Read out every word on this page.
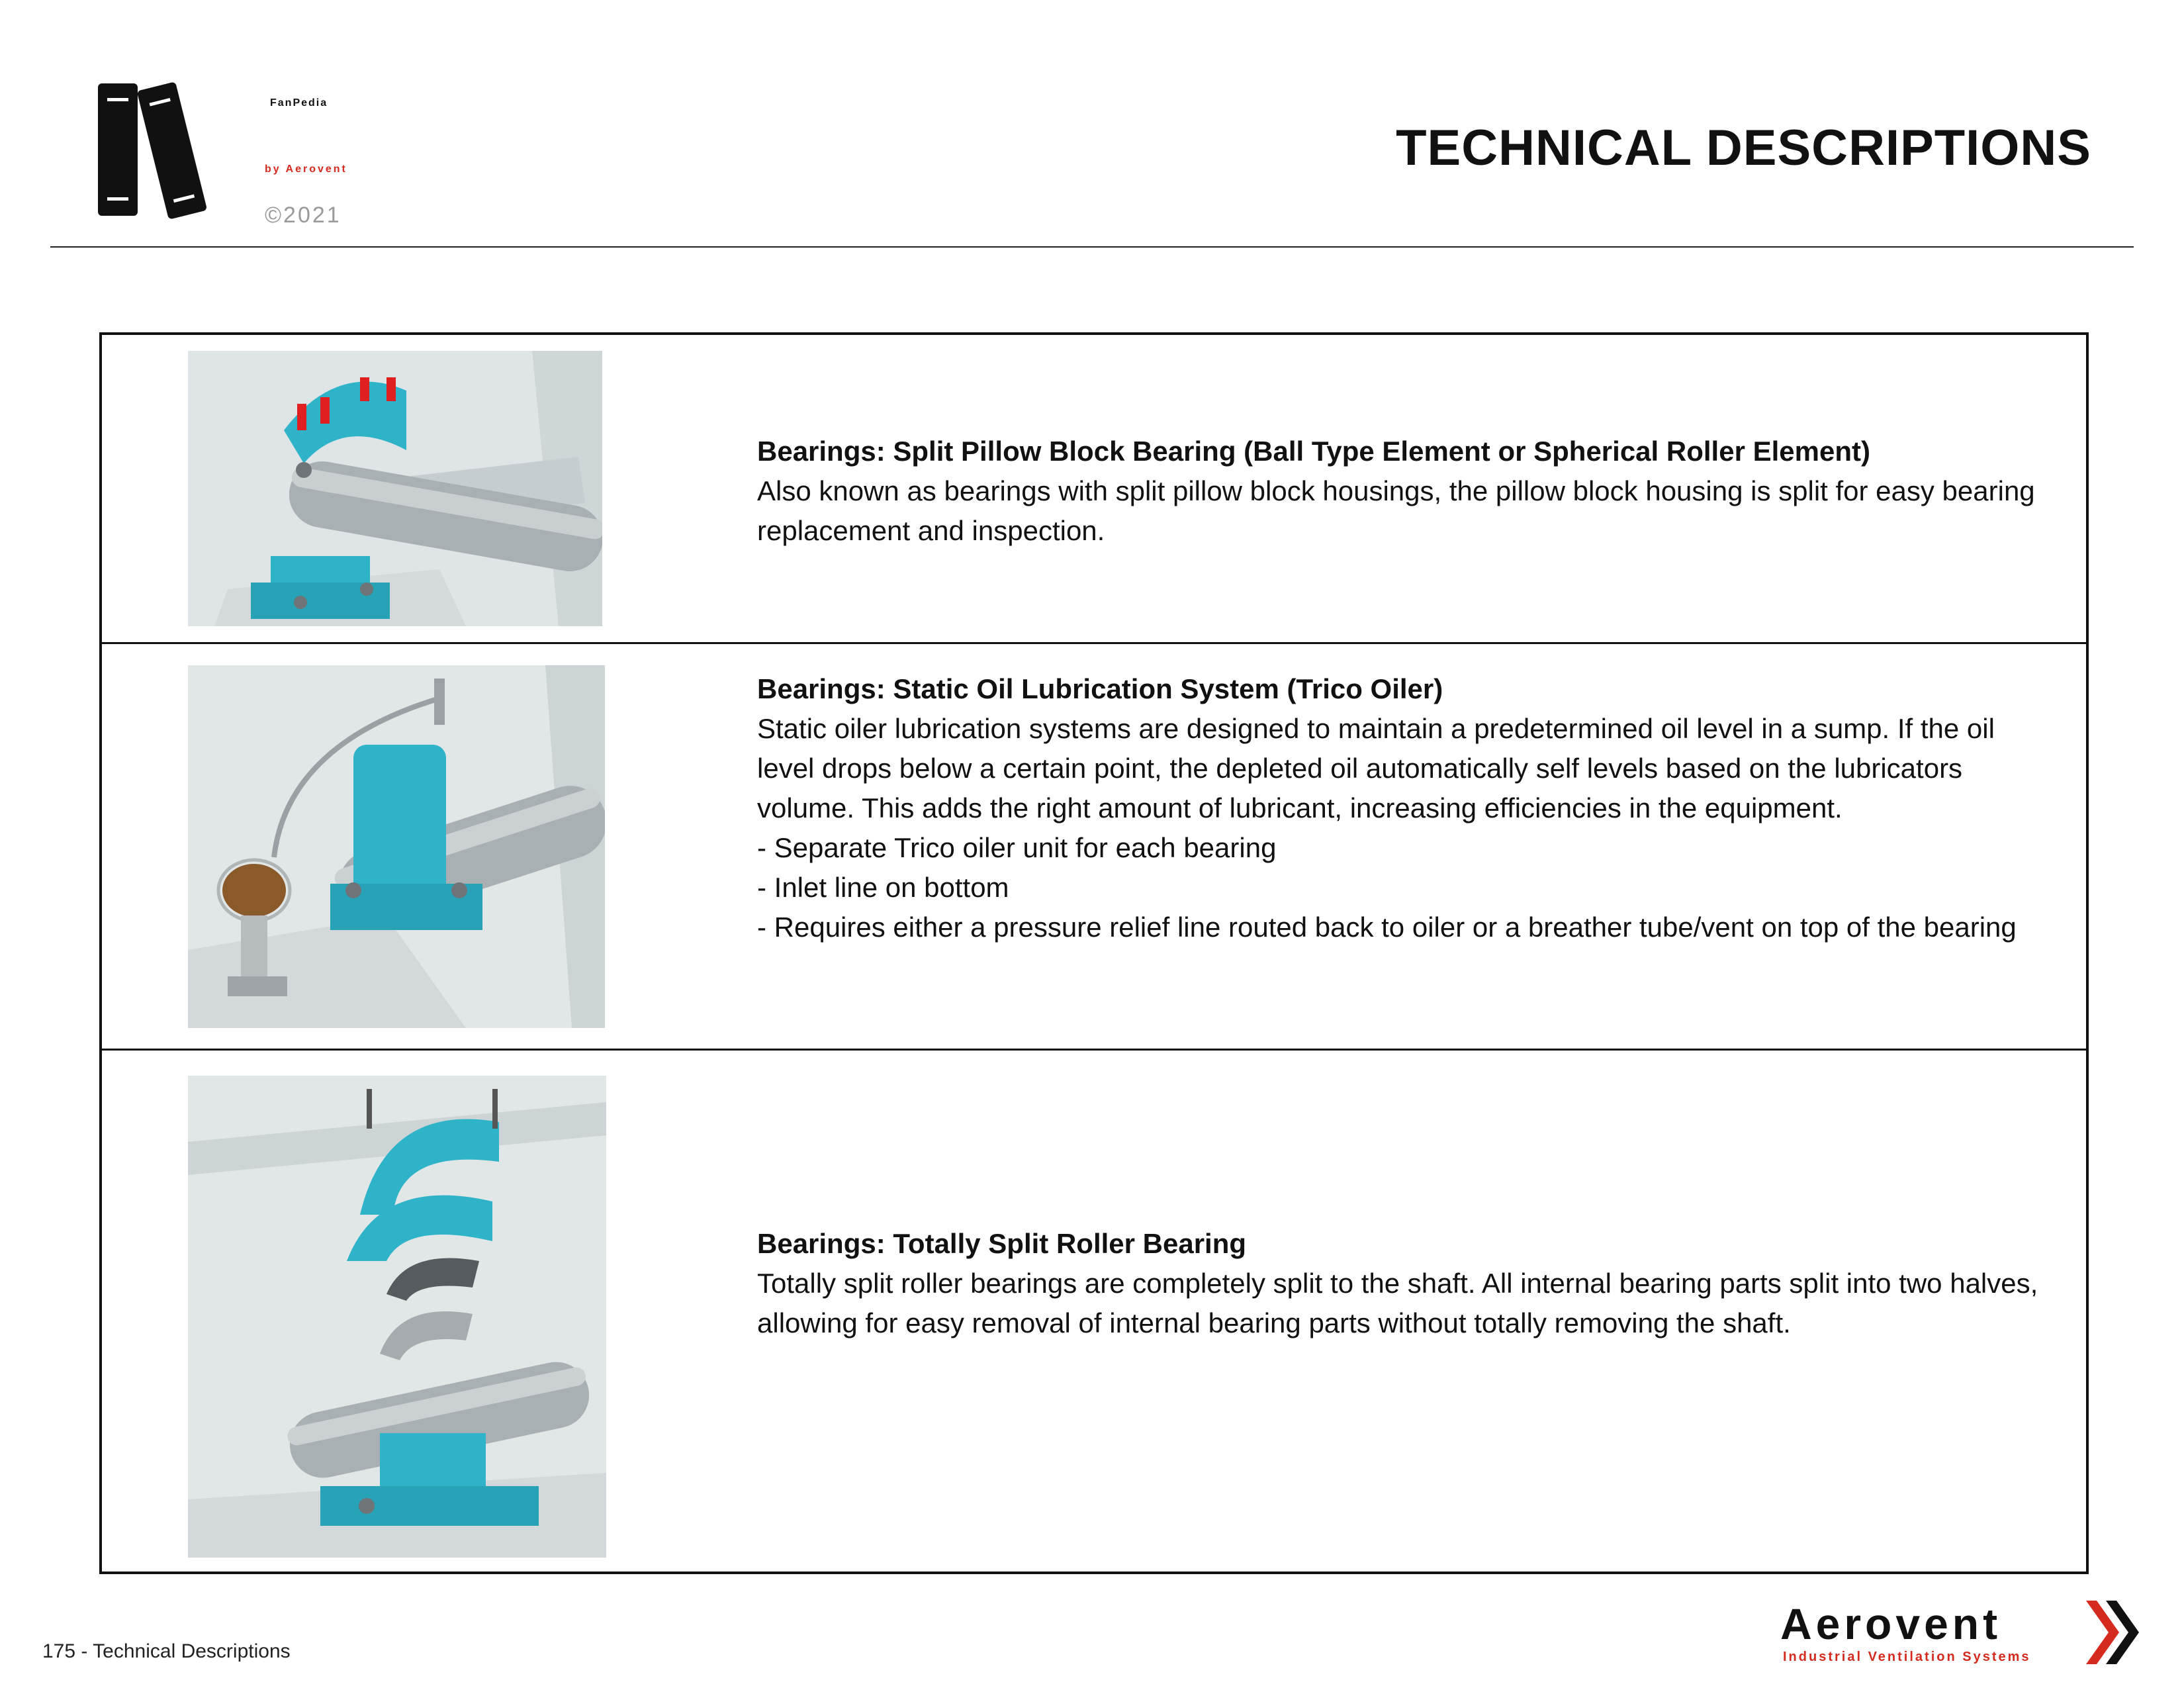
FanPedia
by Aerovent
©2021
TECHNICAL DESCRIPTIONS

Bearings: Split Pillow Block Bearing (Ball Type Element or Spherical Roller Element)

Also known as bearings with split pillow block housings, the pillow block housing is split for easy bearing replacement and inspection.

Bearings: Static Oil Lubrication System (Trico Oiler)

Static oiler lubrication systems are designed to maintain a predetermined oil level in a sump. If the oil level drops below a certain point, the depleted oil automatically self levels based on the lubricators volume. This adds the right amount of lubricant, increasing efficiencies in the equipment.

- Separate Trico oiler unit for each bearing

- Inlet line on bottom

- Requires either a pressure relief line routed back to oiler or a breather tube/vent on top of the bearing

Bearings: Totally Split Roller Bearing

Totally split roller bearings are completely split to the shaft. All internal bearing parts split into two halves, allowing for easy removal of internal bearing parts without totally removing the shaft.

175 - Technical Descriptions
Aerovent
Industrial Ventilation Systems
